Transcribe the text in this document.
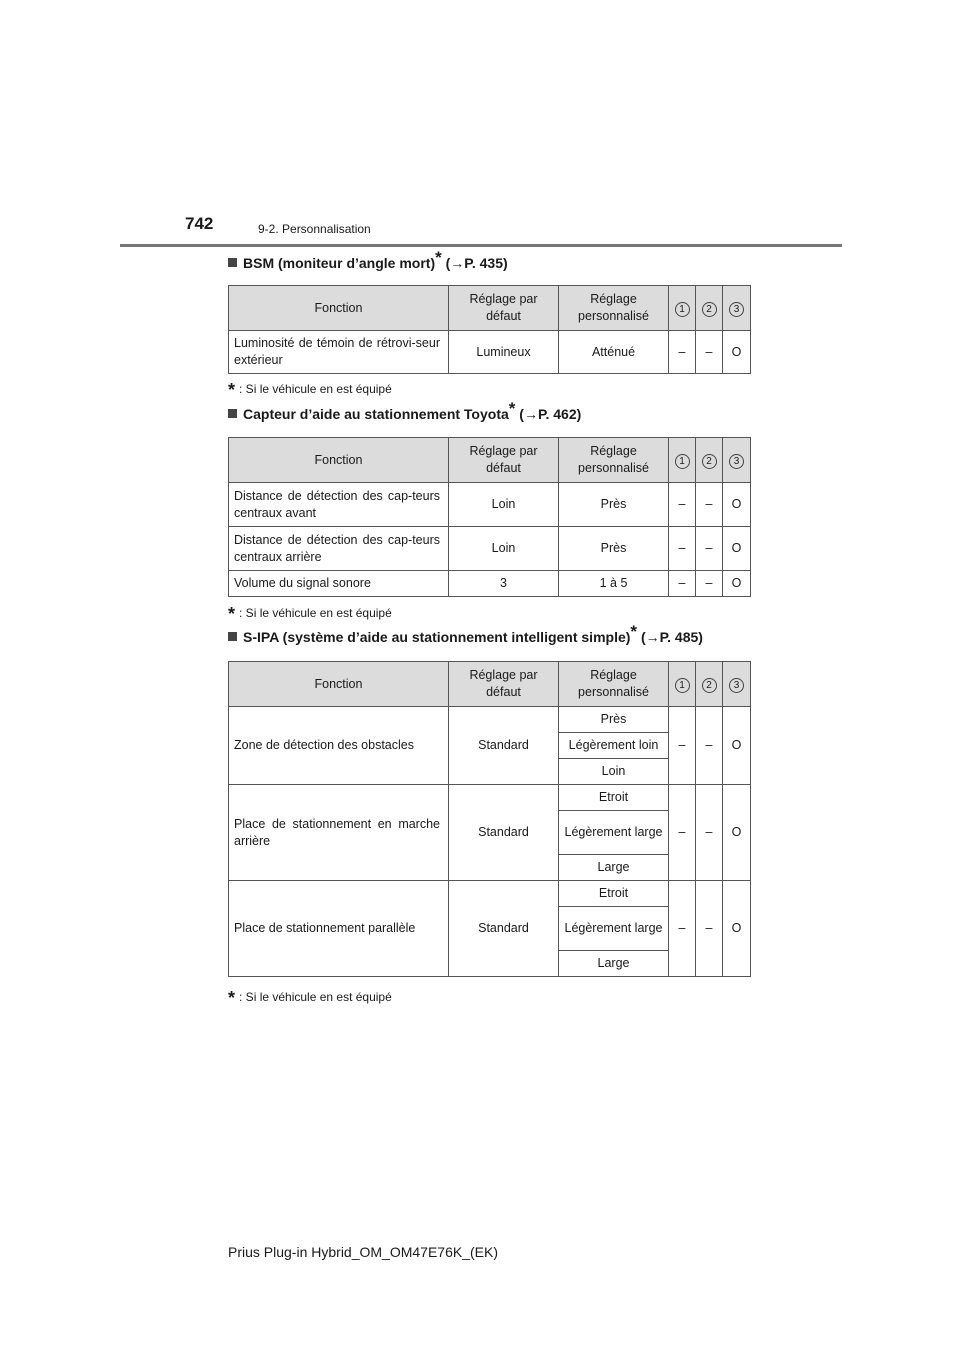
742	9-2. Personnalisation
BSM (moniteur d’angle mort)* (→P. 435)
Fonction	Réglage par défaut	Réglage personnalisé	1	2	3
Luminosité de témoin de rétrovi-seur extérieur	Lumineux	Atténué	–	–	O
* : Si le véhicule en est équipé
Capteur d’aide au stationnement Toyota* (→P. 462)
Fonction	Réglage par défaut	Réglage personnalisé	1	2	3
Distance de détection des cap-teurs centraux avant	Loin	Près	–	–	O
Distance de détection des cap-teurs centraux arrière	Loin	Près	–	–	O
Volume du signal sonore	3	1 à 5	–	–	O
* : Si le véhicule en est équipé
S-IPA (système d’aide au stationnement intelligent simple)* (→P. 485)
Fonction	Réglage par défaut	Réglage personnalisé	1	2	3
Zone de détection des obstacles	Standard	Près	–	–	O
		Légèrement loin			
		Loin			
Place de stationnement en marche arrière	Standard	Etroit	–	–	O
		Légèrement large			
		Large			
Place de stationnement parallèle	Standard	Etroit	–	–	O
		Légèrement large			
		Large			
* : Si le véhicule en est équipé
Prius Plug-in Hybrid_OM_OM47E76K_(EK)
